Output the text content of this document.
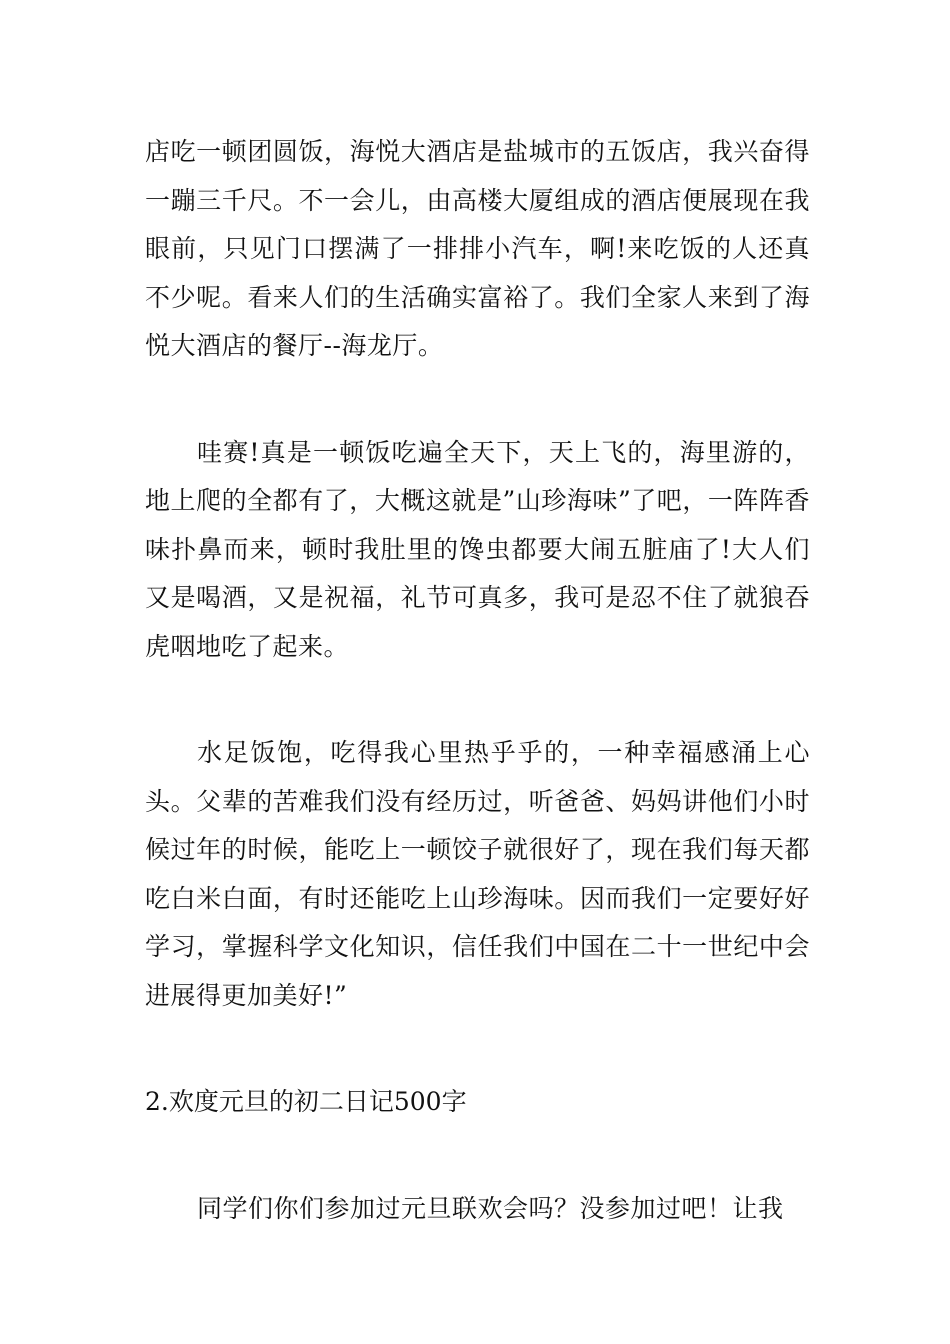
店吃一顿团圆饭，海悦大酒店是盐城市的五饭店，我兴奋得一蹦三千尺。不一会儿，由高楼大厦组成的酒店便展现在我眼前，只见门口摆满了一排排小汽车，啊!来吃饭的人还真不少呢。看来人们的生活确实富裕了。我们全家人来到了海悦大酒店的餐厅--海龙厅。

哇赛!真是一顿饭吃遍全天下，天上飞的，海里游的，地上爬的全都有了，大概这就是”山珍海味”了吧，一阵阵香味扑鼻而来，顿时我肚里的馋虫都要大闹五脏庙了!大人们又是喝酒，又是祝福，礼节可真多，我可是忍不住了就狼吞虎咽地吃了起来。

水足饭饱，吃得我心里热乎乎的，一种幸福感涌上心头。父辈的苦难我们没有经历过，听爸爸、妈妈讲他们小时候过年的时候，能吃上一顿饺子就很好了，现在我们每天都吃白米白面，有时还能吃上山珍海味。因而我们一定要好好学习，掌握科学文化知识，信任我们中国在二十一世纪中会进展得更加美好!”

2.欢度元旦的初二日记500字

同学们你们参加过元旦联欢会吗？没参加过吧！让我
